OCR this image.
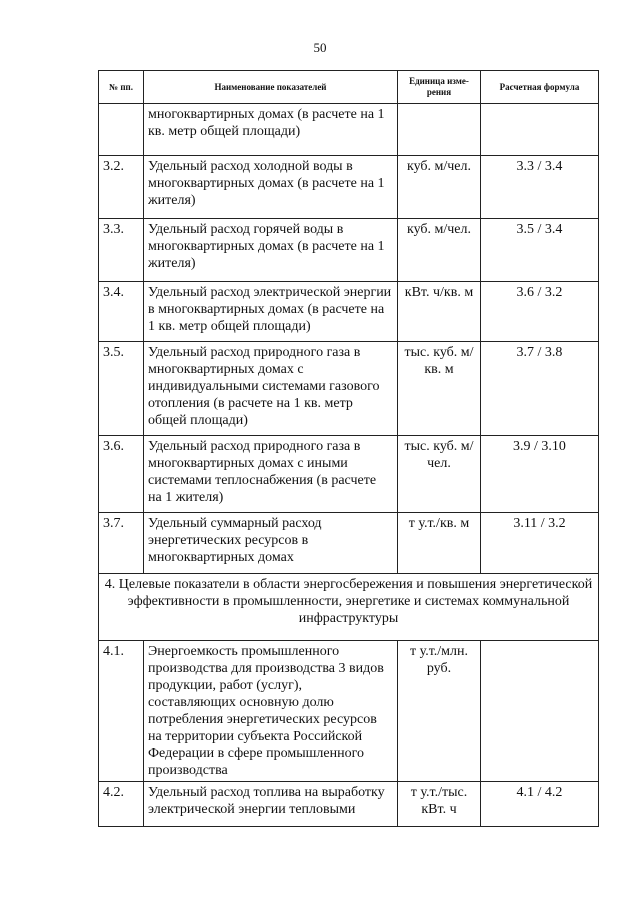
50
№ пп.	Наименование показателей	Единица изме-рения	Расчетная формула
	многоквартирных домах (в расчете на 1 кв. метр общей площади)		
3.2.	Удельный расход холодной воды в многоквартирных домах (в расчете на 1 жителя)	куб. м/чел.	3.3 / 3.4
3.3.	Удельный расход горячей воды в многоквартирных домах (в расчете на 1 жителя)	куб. м/чел.	3.5 / 3.4
3.4.	Удельный расход электрической энергии в многоквартирных домах (в расчете на 1 кв. метр общей площади)	кВт. ч/кв. м	3.6 / 3.2
3.5.	Удельный расход природного газа в многоквартирных домах с индивидуальными системами газового отопления (в расчете на 1 кв. метр общей площади)	тыс. куб. м/кв. м	3.7 / 3.8
3.6.	Удельный расход природного газа в многоквартирных домах с иными системами теплоснабжения (в расчете на 1 жителя)	тыс. куб. м/чел.	3.9 / 3.10
3.7.	Удельный суммарный расход энергетических ресурсов в многоквартирных домах	т у.т./кв. м	3.11 / 3.2
4. Целевые показатели в области энергосбережения и повышения энергетической эффективности в промышленности, энергетике и системах коммунальной инфраструктуры			
4.1.	Энергоемкость промышленного производства для производства 3 видов продукции, работ (услуг), составляющих основную долю потребления энергетических ресурсов на территории субъекта Российской Федерации в сфере промышленного производства	т у.т./млн. руб.	
4.2.	Удельный расход топлива на выработку электрической энергии тепловыми	т у.т./тыс. кВт. ч	4.1 / 4.2
